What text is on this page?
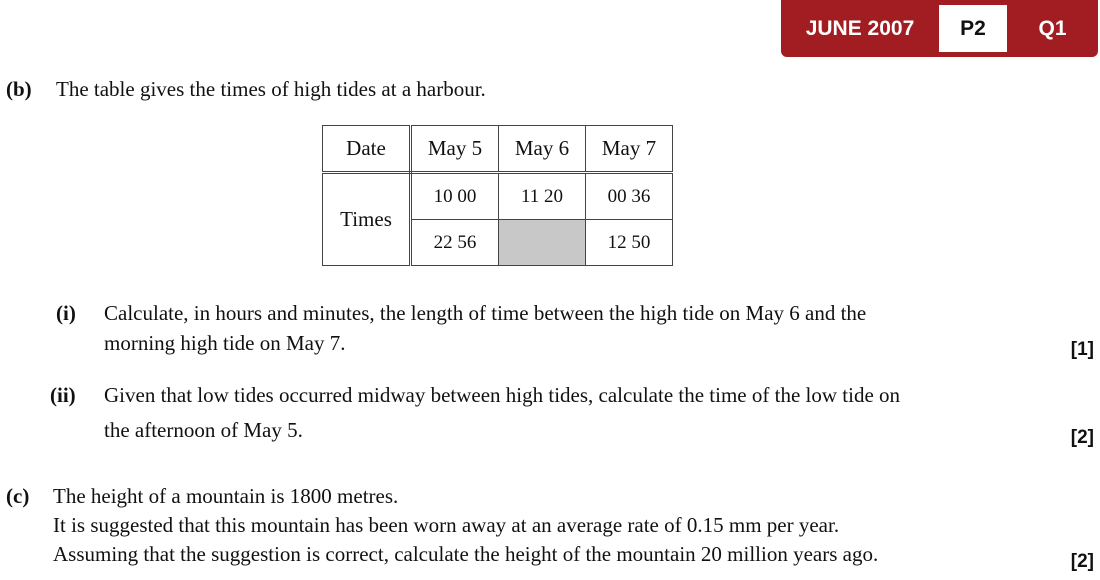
JUNE 2007	P2	Q1
(b) The table gives the times of high tides at a harbour.
Date	May 5	May 6	May 7
Times	10 00	11 20	00 36
	22 56		12 50
(i) Calculate, in hours and minutes, the length of time between the high tide on May 6 and the
morning high tide on May 7.	[1]
(ii) Given that low tides occurred midway between high tides, calculate the time of the low tide on
the afternoon of May 5.	[2]
(c) The height of a mountain is 1800 metres.
It is suggested that this mountain has been worn away at an average rate of 0.15 mm per year.
Assuming that the suggestion is correct, calculate the height of the mountain 20 million years ago.	[2]
